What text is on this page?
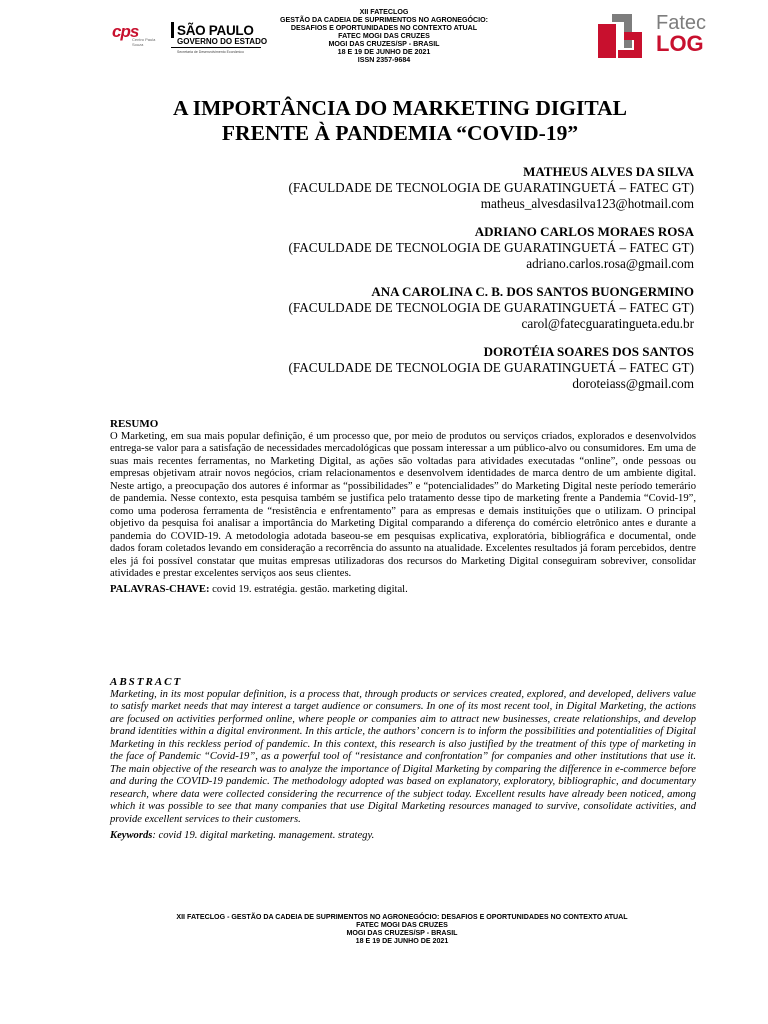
cps
Centro Paula Souza
SÃO PAULO
GOVERNO DO ESTADO
Secretaria de Desenvolvimento Econômico
XII FATECLOG
GESTÃO DA CADEIA DE SUPRIMENTOS NO AGRONEGÓCIO:
DESAFIOS E OPORTUNIDADES NO CONTEXTO ATUAL
FATEC MOGI DAS CRUZES
MOGI DAS CRUZES/SP - BRASIL
18 E 19 DE JUNHO DE 2021
ISSN 2357-9684
Fatec
LOG
A IMPORTÂNCIA DO MARKETING DIGITAL
FRENTE À PANDEMIA “COVID-19”
MATHEUS ALVES DA SILVA
(FACULDADE DE TECNOLOGIA DE GUARATINGUETÁ – FATEC GT)
matheus_alvesdasilva123@hotmail.com
ADRIANO CARLOS MORAES ROSA
(FACULDADE DE TECNOLOGIA DE GUARATINGUETÁ – FATEC GT)
adriano.carlos.rosa@gmail.com
ANA CAROLINA C. B. DOS SANTOS BUONGERMINO
(FACULDADE DE TECNOLOGIA DE GUARATINGUETÁ – FATEC GT)
carol@fatecguaratingueta.edu.br
DOROTÉIA SOARES DOS SANTOS
(FACULDADE DE TECNOLOGIA DE GUARATINGUETÁ – FATEC GT)
doroteiass@gmail.com
RESUMO
O Marketing, em sua mais popular definição, é um processo que, por meio de produtos ou serviços criados, explorados e desenvolvidos entrega-se valor para a satisfação de necessidades mercadológicas que possam interessar a um público-alvo ou consumidores. Em uma de suas mais recentes ferramentas, no Marketing Digital, as ações são voltadas para atividades executadas “online”, onde pessoas ou empresas objetivam atrair novos negócios, criam relacionamentos e desenvolvem identidades de marca dentro de um ambiente digital. Neste artigo, a preocupação dos autores é informar as “possibilidades” e “potencialidades” do Marketing Digital neste período temerário de pandemia. Nesse contexto, esta pesquisa também se justifica pelo tratamento desse tipo de marketing frente a Pandemia “Covid-19”, como uma poderosa ferramenta de “resistência e enfrentamento” para as empresas e demais instituições que o utilizam. O principal objetivo da pesquisa foi analisar a importância do Marketing Digital comparando a diferença do comércio eletrônico antes e durante a pandemia do COVID-19. A metodologia adotada baseou-se em pesquisas explicativa, exploratória, bibliográfica e documental, onde dados foram coletados levando em consideração a recorrência do assunto na atualidade. Excelentes resultados já foram percebidos, dentre eles já foi possível constatar que muitas empresas utilizadoras dos recursos do Marketing Digital conseguiram sobreviver, consolidar atividades e prestar excelentes serviços aos seus clientes.
PALAVRAS-CHAVE: covid 19. estratégia. gestão. marketing digital.
ABSTRACT
Marketing, in its most popular definition, is a process that, through products or services created, explored, and developed, delivers value to satisfy market needs that may interest a target audience or consumers. In one of its most recent tool, in Digital Marketing, the actions are focused on activities performed online, where people or companies aim to attract new businesses, create relationships, and develop brand identities within a digital environment. In this article, the authors’ concern is to inform the possibilities and potentialities of Digital Marketing in this reckless period of pandemic. In this context, this research is also justified by the treatment of this type of marketing in the face of Pandemic “Covid-19”, as a powerful tool of “resistance and confrontation” for companies and other institutions that use it. The main objective of the research was to analyze the importance of Digital Marketing by comparing the difference in e-commerce before and during the COVID-19 pandemic. The methodology adopted was based on explanatory, exploratory, bibliographic, and documentary research, where data were collected considering the recurrence of the subject today. Excellent results have already been noticed, among which it was possible to see that many companies that use Digital Marketing resources managed to survive, consolidate activities, and provide excellent services to their customers.
Keywords: covid 19. digital marketing. management. strategy.
XII FATECLOG - GESTÃO DA CADEIA DE SUPRIMENTOS NO AGRONEGÓCIO: DESAFIOS E OPORTUNIDADES NO CONTEXTO ATUAL
FATEC MOGI DAS CRUZES
MOGI DAS CRUZES/SP - BRASIL
18 E 19 DE JUNHO DE 2021
